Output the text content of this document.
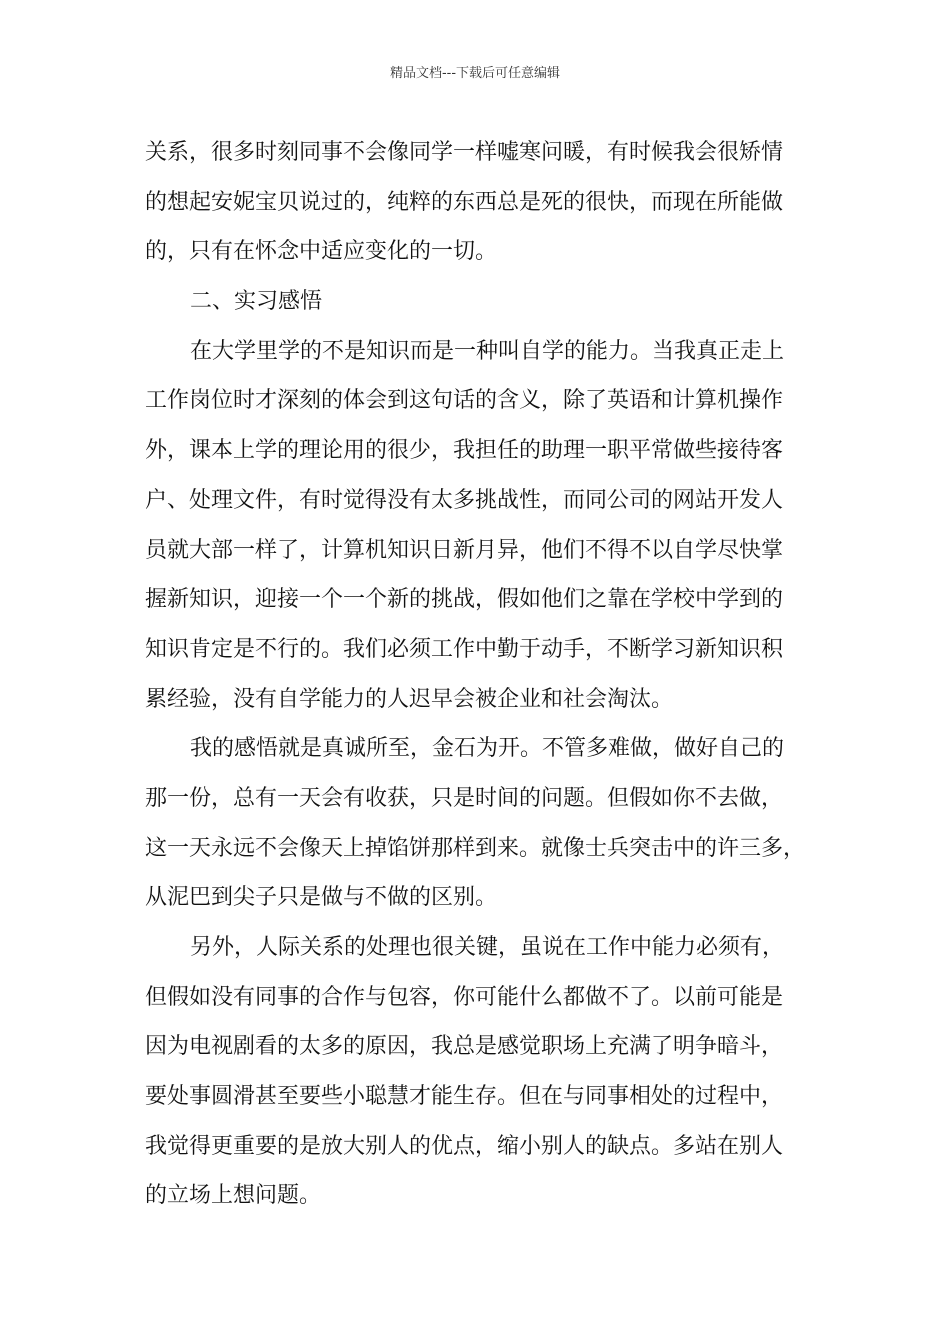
精品文档---下载后可任意编辑
关系，很多时刻同事不会像同学一样嘘寒问暖，有时候我会很矫情
的想起安妮宝贝说过的，纯粹的东西总是死的很快，而现在所能做
的，只有在怀念中适应变化的一切。
二、实习感悟
在大学里学的不是知识而是一种叫自学的能力。当我真正走上
工作岗位时才深刻的体会到这句话的含义，除了英语和计算机操作
外，课本上学的理论用的很少，我担任的助理一职平常做些接待客
户、处理文件，有时觉得没有太多挑战性，而同公司的网站开发人
员就大部一样了，计算机知识日新月异，他们不得不以自学尽快掌
握新知识，迎接一个一个新的挑战，假如他们之靠在学校中学到的
知识肯定是不行的。我们必须工作中勤于动手，不断学习新知识积
累经验，没有自学能力的人迟早会被企业和社会淘汰。
我的感悟就是真诚所至，金石为开。不管多难做，做好自己的
那一份，总有一天会有收获，只是时间的问题。但假如你不去做，
这一天永远不会像天上掉馅饼那样到来。就像士兵突击中的许三多，
从泥巴到尖子只是做与不做的区别。
另外，人际关系的处理也很关键，虽说在工作中能力必须有，
但假如没有同事的合作与包容，你可能什么都做不了。以前可能是
因为电视剧看的太多的原因，我总是感觉职场上充满了明争暗斗，
要处事圆滑甚至要些小聪慧才能生存。但在与同事相处的过程中，
我觉得更重要的是放大别人的优点，缩小别人的缺点。多站在别人
的立场上想问题。
